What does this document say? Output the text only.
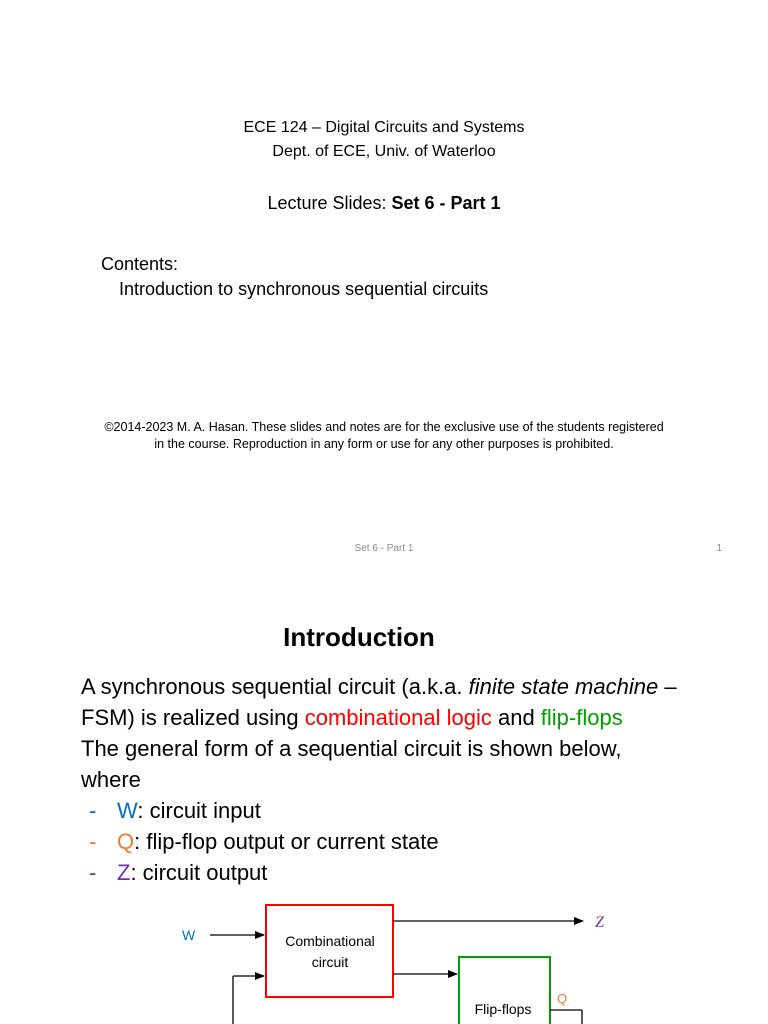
ECE 124 – Digital Circuits and Systems
Dept. of ECE, Univ. of Waterloo
Lecture Slides: Set 6 - Part 1
Contents:
Introduction to synchronous sequential circuits
©2014-2023 M. A. Hasan. These slides and notes are for the exclusive use of the students registered
in the course. Reproduction in any form or use for any other purposes is prohibited.
Set 6 - Part 1	1
Introduction
A synchronous sequential circuit (a.k.a. finite state machine –
FSM) is realized using combinational logic and flip-flops
The general form of a sequential circuit is shown below,
where
- W: circuit input
- Q: flip-flop output or current state
- Z: circuit output
W	Combinational
circuit
Z
Flip-flops
Q
